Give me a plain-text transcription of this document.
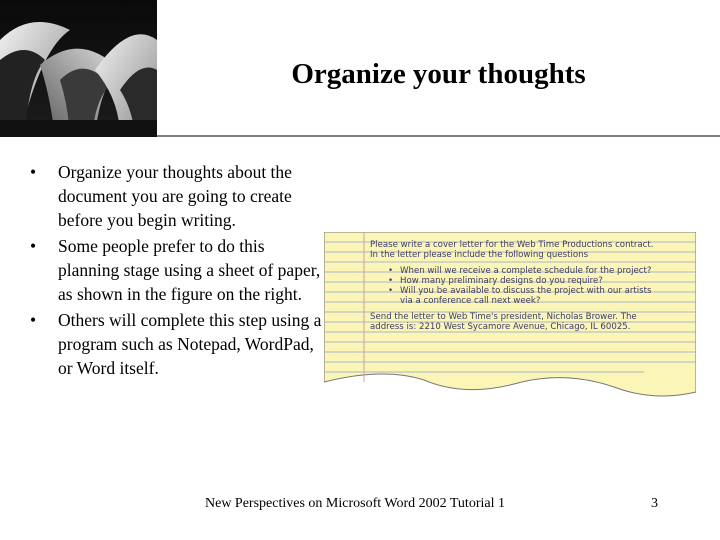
Organize your thoughts
• Organize your thoughts about the document you are going to create before you begin writing.
• Some people prefer to do this planning stage using a sheet of paper, as shown in the figure on the right.
• Others will complete this step using a program such as Notepad, WordPad, or Word itself.
Please write a cover letter for the Web Time Productions contract.
In the letter please include the following questions
• When will we receive a complete schedule for the project?
• How many preliminary designs do you require?
• Will you be available to discuss the project with our artists
via a conference call next week?
Send the letter to Web Time's president, Nicholas Brower. The
address is: 2210 West Sycamore Avenue, Chicago, IL 60025.
New Perspectives on Microsoft Word 2002 Tutorial 1	3
